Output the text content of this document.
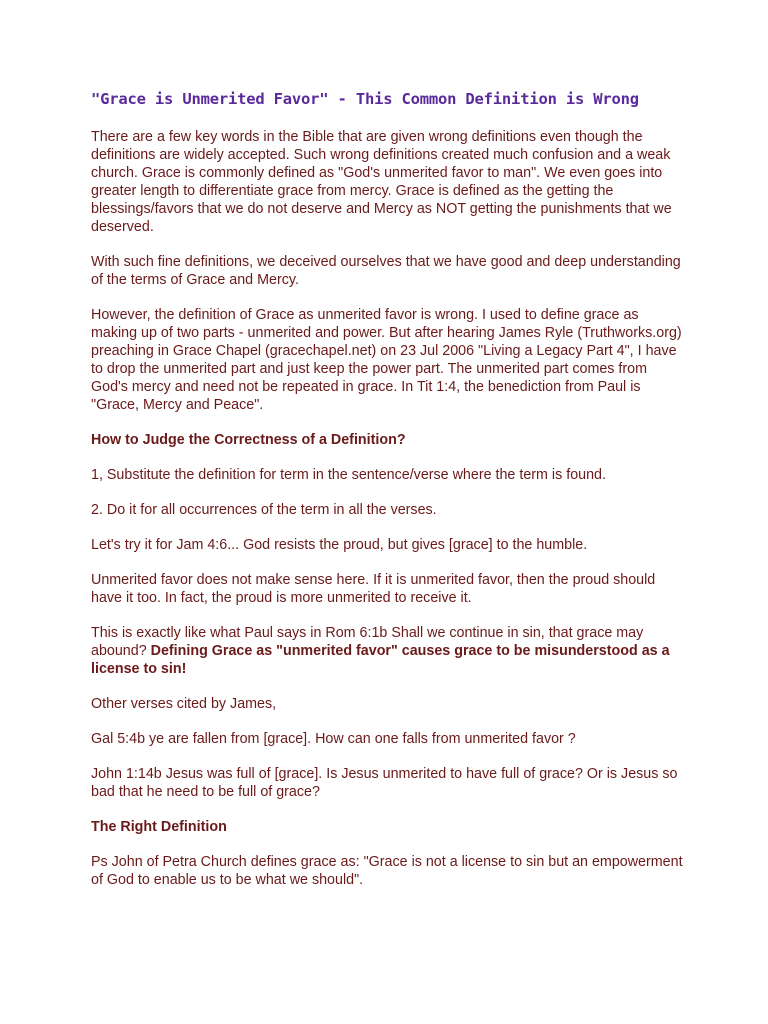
"Grace is Unmerited Favor" - This Common Definition is Wrong

There are a few key words in the Bible that are given wrong definitions even though the definitions are widely accepted. Such wrong definitions created much confusion and a weak church. Grace is commonly defined as "God's unmerited favor to man". We even goes into greater length to differentiate grace from mercy. Grace is defined as the getting the blessings/favors that we do not deserve and Mercy as NOT getting the punishments that we deserved.

With such fine definitions, we deceived ourselves that we have good and deep understanding of the terms of Grace and Mercy.

However, the definition of Grace as unmerited favor is wrong. I used to define grace as making up of two parts - unmerited and power. But after hearing James Ryle (Truthworks.org) preaching in Grace Chapel (gracechapel.net) on 23 Jul 2006 "Living a Legacy Part 4", I have to drop the unmerited part and just keep the power part. The unmerited part comes from God's mercy and need not be repeated in grace. In Tit 1:4, the benediction from Paul is "Grace, Mercy and Peace".

How to Judge the Correctness of a Definition?

1, Substitute the definition for term in the sentence/verse where the term is found.

2. Do it for all occurrences of the term in all the verses.

Let's try it for Jam 4:6... God resists the proud, but gives [grace] to the humble.

Unmerited favor does not make sense here. If it is unmerited favor, then the proud should have it too. In fact, the proud is more unmerited to receive it.

This is exactly like what Paul says in Rom 6:1b Shall we continue in sin, that grace may abound? Defining Grace as "unmerited favor" causes grace to be misunderstood as a license to sin!

Other verses cited by James,

Gal 5:4b ye are fallen from [grace]. How can one falls from unmerited favor ?

John 1:14b Jesus was full of [grace]. Is Jesus unmerited to have full of grace? Or is Jesus so bad that he need to be full of grace?

The Right Definition

Ps John of Petra Church defines grace as: "Grace is not a license to sin but an empowerment of God to enable us to be what we should".
